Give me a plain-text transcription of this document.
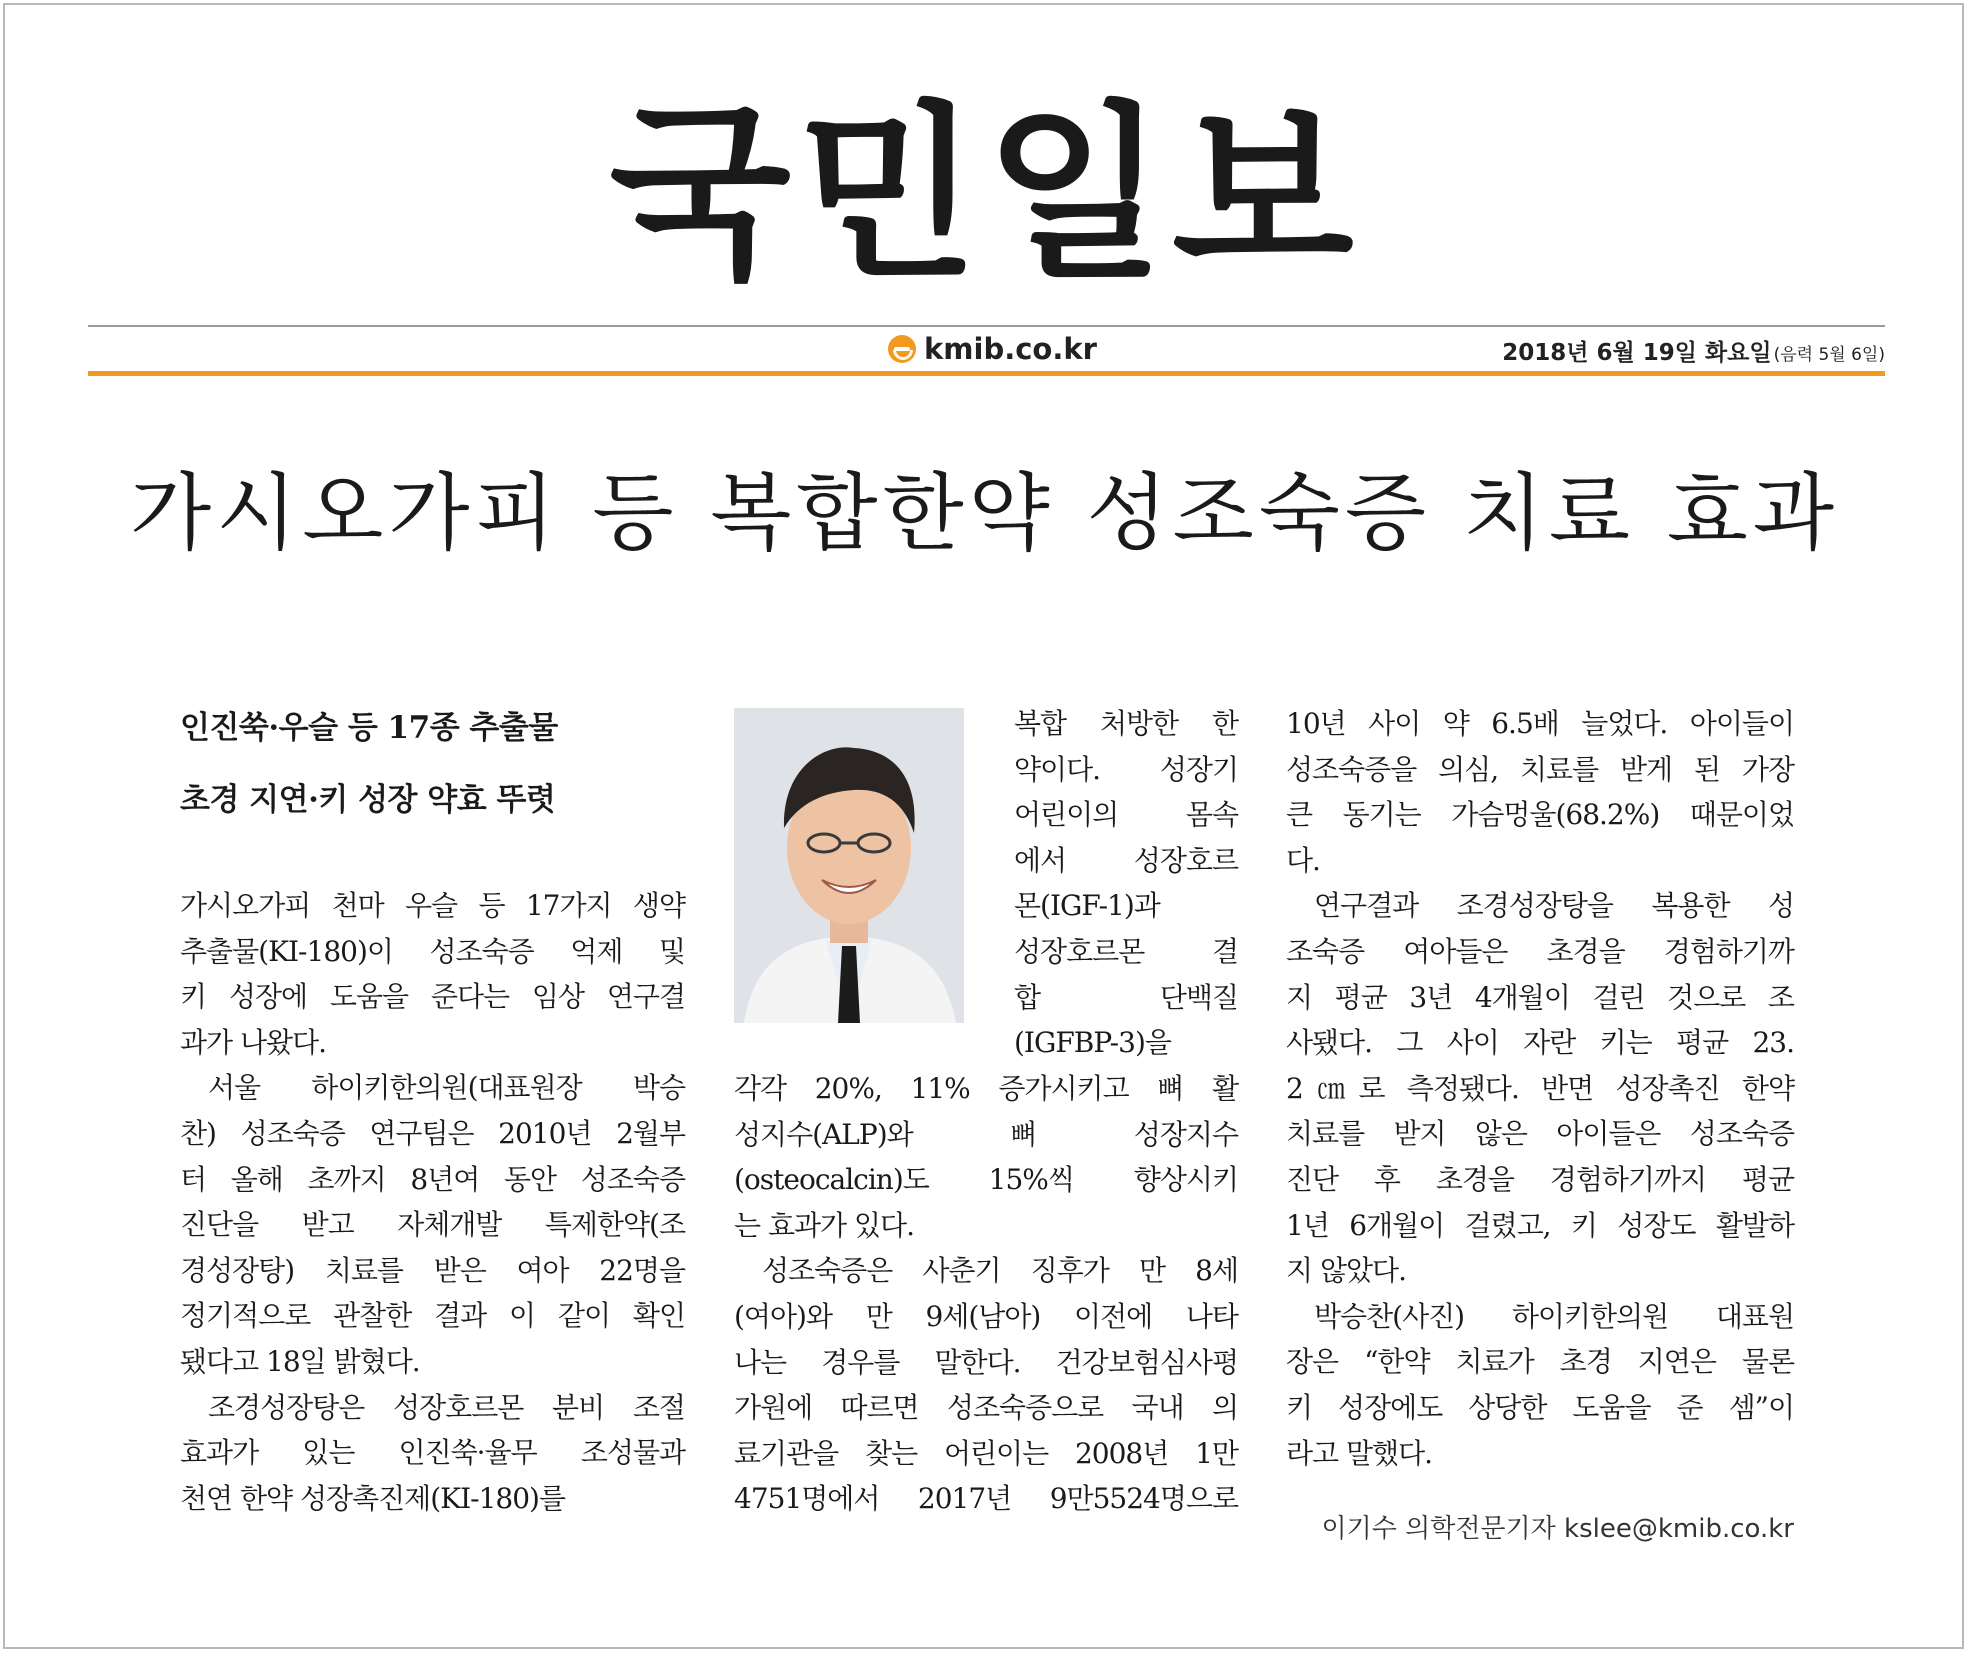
국민일보
kmib.co.kr	2018년 6월 19일 화요일 (음력 5월 6일)
가시오가피 등 복합한약 성조숙증 치료 효과
인진쑥·우슬 등 17종 추출물
초경 지연·키 성장 약효 뚜렷
가시오가피 천마 우슬 등 17가지 생약
추출물(KI-180)이 성조숙증 억제 및
키 성장에 도움을 준다는 임상 연구결
과가 나왔다.
서울 하이키한의원(대표원장 박승
찬) 성조숙증 연구팀은 2010년 2월부
터 올해 초까지 8년여 동안 성조숙증
진단을 받고 자체개발 특제한약(조
경성장탕) 치료를 받은 여아 22명을
정기적으로 관찰한 결과 이 같이 확인
됐다고 18일 밝혔다.
조경성장탕은 성장호르몬 분비 조절
효과가 있는 인진쑥·율무 조성물과
천연 한약 성장촉진제(KI-180)를
복합 처방한 한
약이다. 성장기
어린이의 몸속
에서 성장호르
몬(IGF-1)과
성장호르몬 결
합 단백질
(IGFBP-3)을
각각 20%, 11% 증가시키고 뼈 활
성지수(ALP)와 뼈 성장지수
(osteocalcin)도 15%씩 향상시키
는 효과가 있다.
성조숙증은 사춘기 징후가 만 8세
(여아)와 만 9세(남아) 이전에 나타
나는 경우를 말한다. 건강보험심사평
가원에 따르면 성조숙증으로 국내 의
료기관을 찾는 어린이는 2008년 1만
4751명에서 2017년 9만5524명으로
10년 사이 약 6.5배 늘었다. 아이들이
성조숙증을 의심, 치료를 받게 된 가장
큰 동기는 가슴멍울(68.2%) 때문이었
다.
연구결과 조경성장탕을 복용한 성
조숙증 여아들은 초경을 경험하기까
지 평균 3년 4개월이 걸린 것으로 조
사됐다. 그 사이 자란 키는 평균 23.
2㎝로 측정됐다. 반면 성장촉진 한약
치료를 받지 않은 아이들은 성조숙증
진단 후 초경을 경험하기까지 평균
1년 6개월이 걸렸고, 키 성장도 활발하
지 않았다.
박승찬(사진) 하이키한의원 대표원
장은 “한약 치료가 초경 지연은 물론
키 성장에도 상당한 도움을 준 셈”이
라고 말했다.
이기수 의학전문기자 kslee@kmib.co.kr
